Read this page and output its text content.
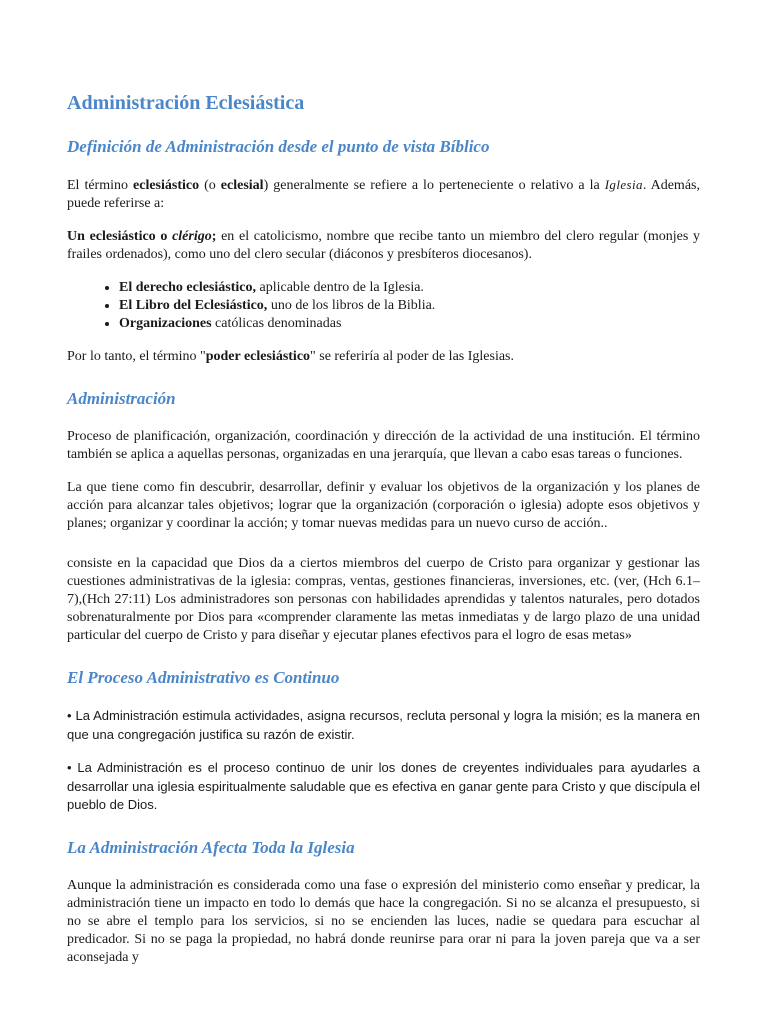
Administración Eclesiástica
Definición de Administración desde el punto de vista Bíblico

El término eclesiástico (o eclesial) generalmente se refiere a lo perteneciente o relativo a la Iglesia. Además, puede referirse a:

Un eclesiástico o clérigo; en el catolicismo, nombre que recibe tanto un miembro del clero regular (monjes y frailes ordenados), como uno del clero secular (diáconos y presbíteros diocesanos).

• El derecho eclesiástico, aplicable dentro de la Iglesia.
• El Libro del Eclesiástico, uno de los libros de la Biblia.
• Organizaciones católicas denominadas

Por lo tanto, el término "poder eclesiástico" se referiría al poder de las Iglesias.

Administración

Proceso de planificación, organización, coordinación y dirección de la actividad de una institución. El término también se aplica a aquellas personas, organizadas en una jerarquía, que llevan a cabo esas tareas o funciones.

La que tiene como fin descubrir, desarrollar, definir y evaluar los objetivos de la organización y los planes de acción para alcanzar tales objetivos; lograr que la organización (corporación o iglesia) adopte esos objetivos y planes; organizar y coordinar la acción; y tomar nuevas medidas para un nuevo curso de acción..

consiste en la capacidad que Dios da a ciertos miembros del cuerpo de Cristo para organizar y gestionar las cuestiones administrativas de la iglesia: compras, ventas, gestiones financieras, inversiones, etc. (ver, (Hch 6.1–7),(Hch 27:11) Los administradores son personas con habilidades aprendidas y talentos naturales, pero dotados sobrenaturalmente por Dios para «comprender claramente las metas inmediatas y de largo plazo de una unidad particular del cuerpo de Cristo y para diseñar y ejecutar planes efectivos para el logro de esas metas»

El Proceso Administrativo es Continuo

• La Administración estimula actividades, asigna recursos, recluta personal y logra la misión; es la manera en que una congregación justifica su razón de existir.

• La Administración es el proceso continuo de unir los dones de creyentes individuales para ayudarles a desarrollar una iglesia espiritualmente saludable que es efectiva en ganar gente para Cristo y que discípula el pueblo de Dios.

La Administración Afecta Toda la Iglesia

Aunque la administración es considerada como una fase o expresión del ministerio como enseñar y predicar, la administración tiene un impacto en todo lo demás que hace la congregación. Si no se alcanza el presupuesto, si no se abre el templo para los servicios, si no se encienden las luces, nadie se quedara para escuchar al predicador. Si no se paga la propiedad, no habrá donde reunirse para orar ni para la joven pareja que va a ser aconsejada y
